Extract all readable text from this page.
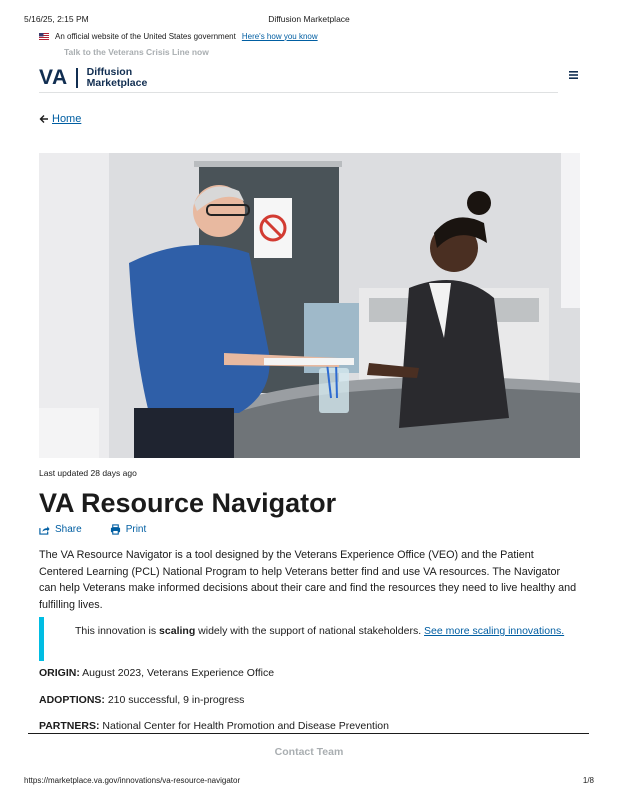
5/16/25, 2:15 PM	Diffusion Marketplace
An official website of the United States government Here's how you know
Talk to the Veterans Crisis Line now
VA Diffusion
Marketplace
Home
Last updated 28 days ago
VA Resource Navigator
Share	Print

The VA Resource Navigator is a tool designed by the Veterans Experience Office (VEO) and the Patient Centered Learning (PCL) National Program to help Veterans better find and use VA resources. The Navigator can help Veterans make informed decisions about their care and find the resources they need to live healthy and fulfilling lives.

This innovation is scaling widely with the support of national stakeholders. See more scaling innovations.
ORIGIN: August 2023, Veterans Experience Office
ADOPTIONS: 210 successful, 9 in-progress
PARTNERS: National Center for Health Promotion and Disease Prevention
Contact Team
https://marketplace.va.gov/innovations/va-resource-navigator	1/8
